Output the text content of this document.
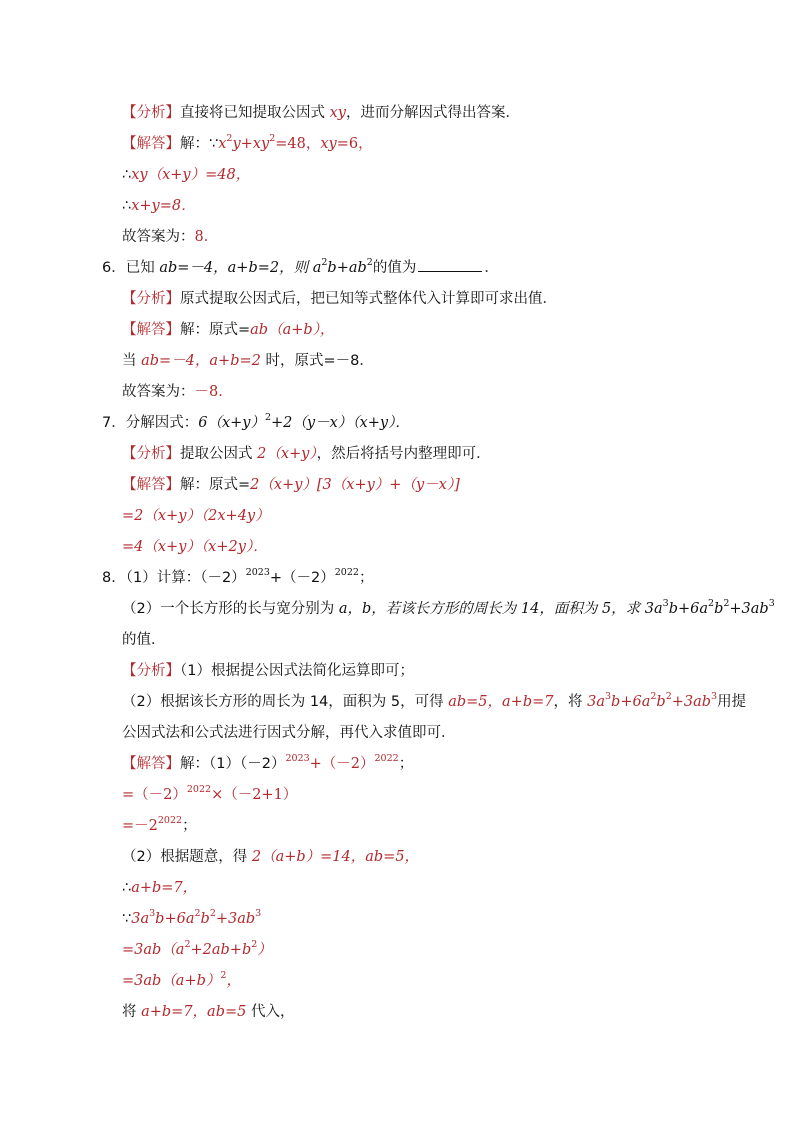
【分析】直接将已知提取公因式 xy，进而分解因式得出答案．
【解答】解：$\because x^2y+xy^2=48$，xy=6，
∴xy（x+y）=48，
∴x+y=8．
故答案为：8．
6．已知 ab=－4，a+b=2，则 $a^2b+ab^2$的值为	．
【分析】原式提取公因式后，把已知等式整体代入计算即可求出值．
【解答】解：原式=ab（a+b），
当 ab=－4，a+b=2 时，原式=－8．
故答案为：－8．
7．分解因式：$6(x+y)^2+2(y-x)(x+y)$．
【分析】提取公因式 2（x+y），然后将括号内整理即可．
【解答】解：原式=2（x+y）[3（x+y）+（y－x）]
=2（x+y）（2x+4y）
=4（x+y）（x+2y）．
8．（1）计算：$(-2)^{2023}+(-2)^{2022}$；
（2）一个长方形的长与宽分别为 a，b，若该长方形的周长为 14，面积为 5，求 $3a^3b+6a^2b^2+3ab^3$
的值．
【分析】（1）根据提公因式法简化运算即可；
（2）根据该长方形的周长为 14，面积为 5，可得 ab=5，a+b=7，将 $3a^3b+6a^2b^2+3ab^3$用提
公因式法和公式法进行因式分解，再代入求值即可．
【解答】解：$(1)(-2)^{2023}+(-2)^{2022}$；
$=(-2)^{2022}\times(-2+1)$
$=-2^{2022}$；
（2）根据题意，得 2（a+b）=14，ab=5，
∴a+b=7，
$\because 3a^3b+6a^2b^2+3ab^3$
$=3ab(a^2+2ab+b^2)$
$=3ab(a+b)^2$，
将 a+b=7，ab=5 代入，
